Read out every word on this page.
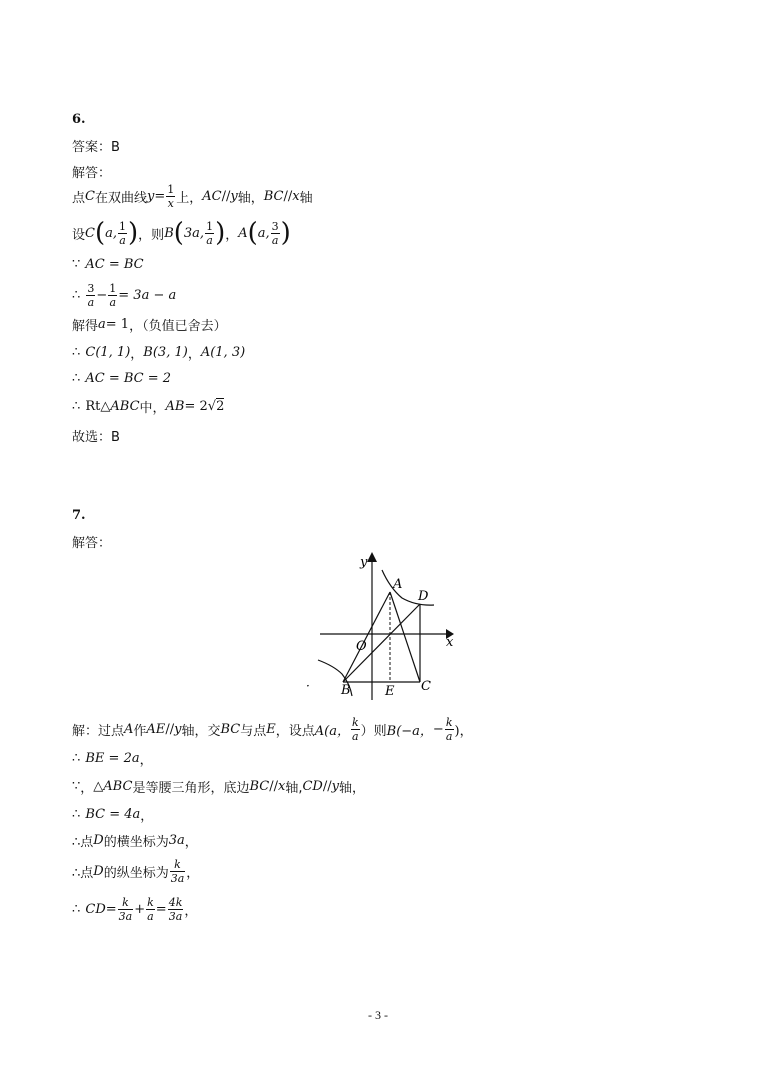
6.
答案：B
解答：
点 C 在双曲线 $y = \frac{1}{x}$ 上， AC // y 轴， BC // x 轴
设 C ( a, $\frac{1}{a}$ ) ，则 B ( 3a, $\frac{1}{a}$ ) ， A ( a, $\frac{3}{a}$ )
∵
AC = BC
∴
$\frac{3}{a} - \frac{1}{a} = 3a - a$
解得 a = 1 ，（负值已舍去）
∴
C(1, 1) ， B(3, 1) ， A(1, 3)
∴
AC = BC = 2
∴
Rt △ ABC 中， AB = 2 √ 2
故选：B
7.
解答：
y
x
A
D
O
B	E C
·
解：过点 A 作 AE // y 轴，交 BC 与点 E ，设点 A(a， $\frac{k}{a}$ ）则 B(−a， − $\frac{k}{a}$ )，
∴
BE = 2a ，
∵ ， △ABC 是等腰三角形，底边 BC // x 轴, CD // y 轴，
∴
BC = 4a ，
∴点 D 的横坐标为 3a ，
∴点 D 的纵坐标为 $\frac{k}{3a}$ ，
∴
CD = $\frac{k}{3a} + \frac{k}{a} = \frac{4k}{3a}$ ，
- 3 -
